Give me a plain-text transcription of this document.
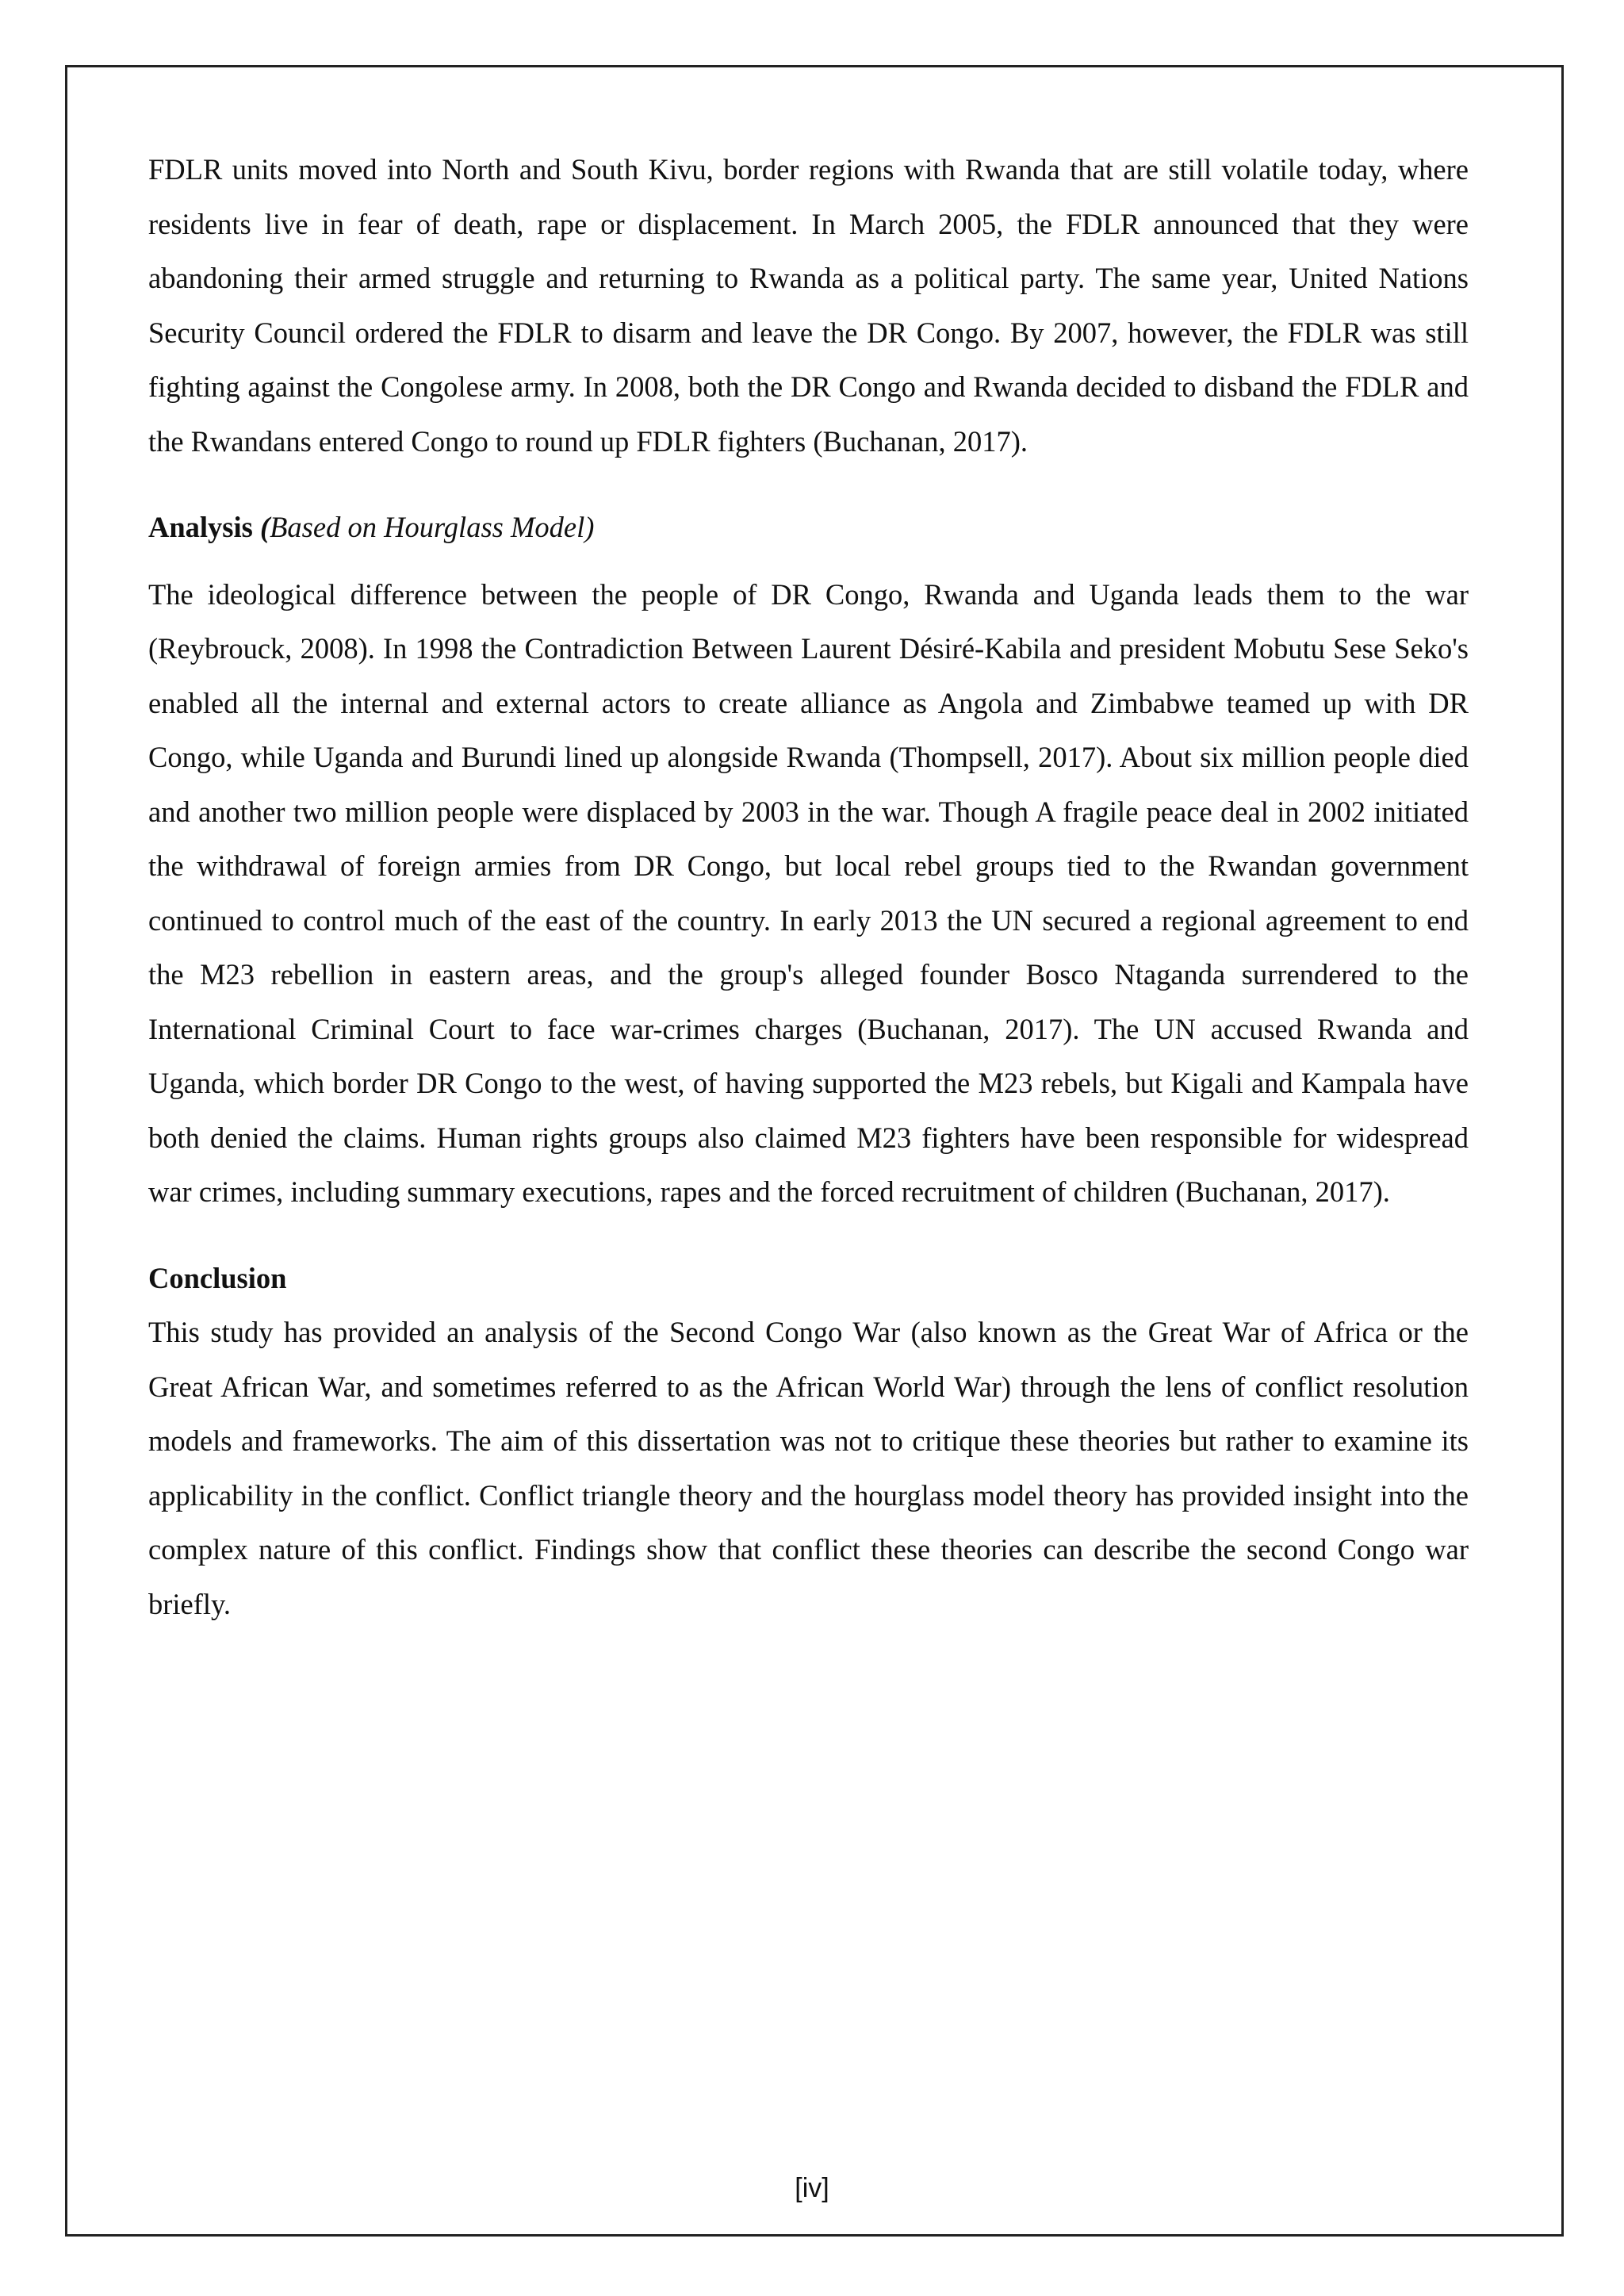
FDLR units moved into North and South Kivu, border regions with Rwanda that are still volatile today, where residents live in fear of death, rape or displacement. In March 2005, the FDLR announced that they were abandoning their armed struggle and returning to Rwanda as a political party. The same year, United Nations Security Council ordered the FDLR to disarm and leave the DR Congo. By 2007, however, the FDLR was still fighting against the Congolese army. In 2008, both the DR Congo and Rwanda decided to disband the FDLR and the Rwandans entered Congo to round up FDLR fighters (Buchanan, 2017).

Analysis (Based on Hourglass Model)

The ideological difference between the people of DR Congo, Rwanda and Uganda leads them to the war (Reybrouck, 2008). In 1998 the Contradiction Between Laurent Désiré-Kabila and president Mobutu Sese Seko's enabled all the internal and external actors to create alliance as Angola and Zimbabwe teamed up with DR Congo, while Uganda and Burundi lined up alongside Rwanda (Thompsell, 2017). About six million people died and another two million people were displaced by 2003 in the war. Though A fragile peace deal in 2002 initiated the withdrawal of foreign armies from DR Congo, but local rebel groups tied to the Rwandan government continued to control much of the east of the country. In early 2013 the UN secured a regional agreement to end the M23 rebellion in eastern areas, and the group's alleged founder Bosco Ntaganda surrendered to the International Criminal Court to face war-crimes charges (Buchanan, 2017). The UN accused Rwanda and Uganda, which border DR Congo to the west, of having supported the M23 rebels, but Kigali and Kampala have both denied the claims. Human rights groups also claimed M23 fighters have been responsible for widespread war crimes, including summary executions, rapes and the forced recruitment of children (Buchanan, 2017).

Conclusion

This study has provided an analysis of the Second Congo War (also known as the Great War of Africa or the Great African War, and sometimes referred to as the African World War) through the lens of conflict resolution models and frameworks. The aim of this dissertation was not to critique these theories but rather to examine its applicability in the conflict. Conflict triangle theory and the hourglass model theory has provided insight into the complex nature of this conflict. Findings show that conflict these theories can describe the second Congo war briefly.

[iv]
